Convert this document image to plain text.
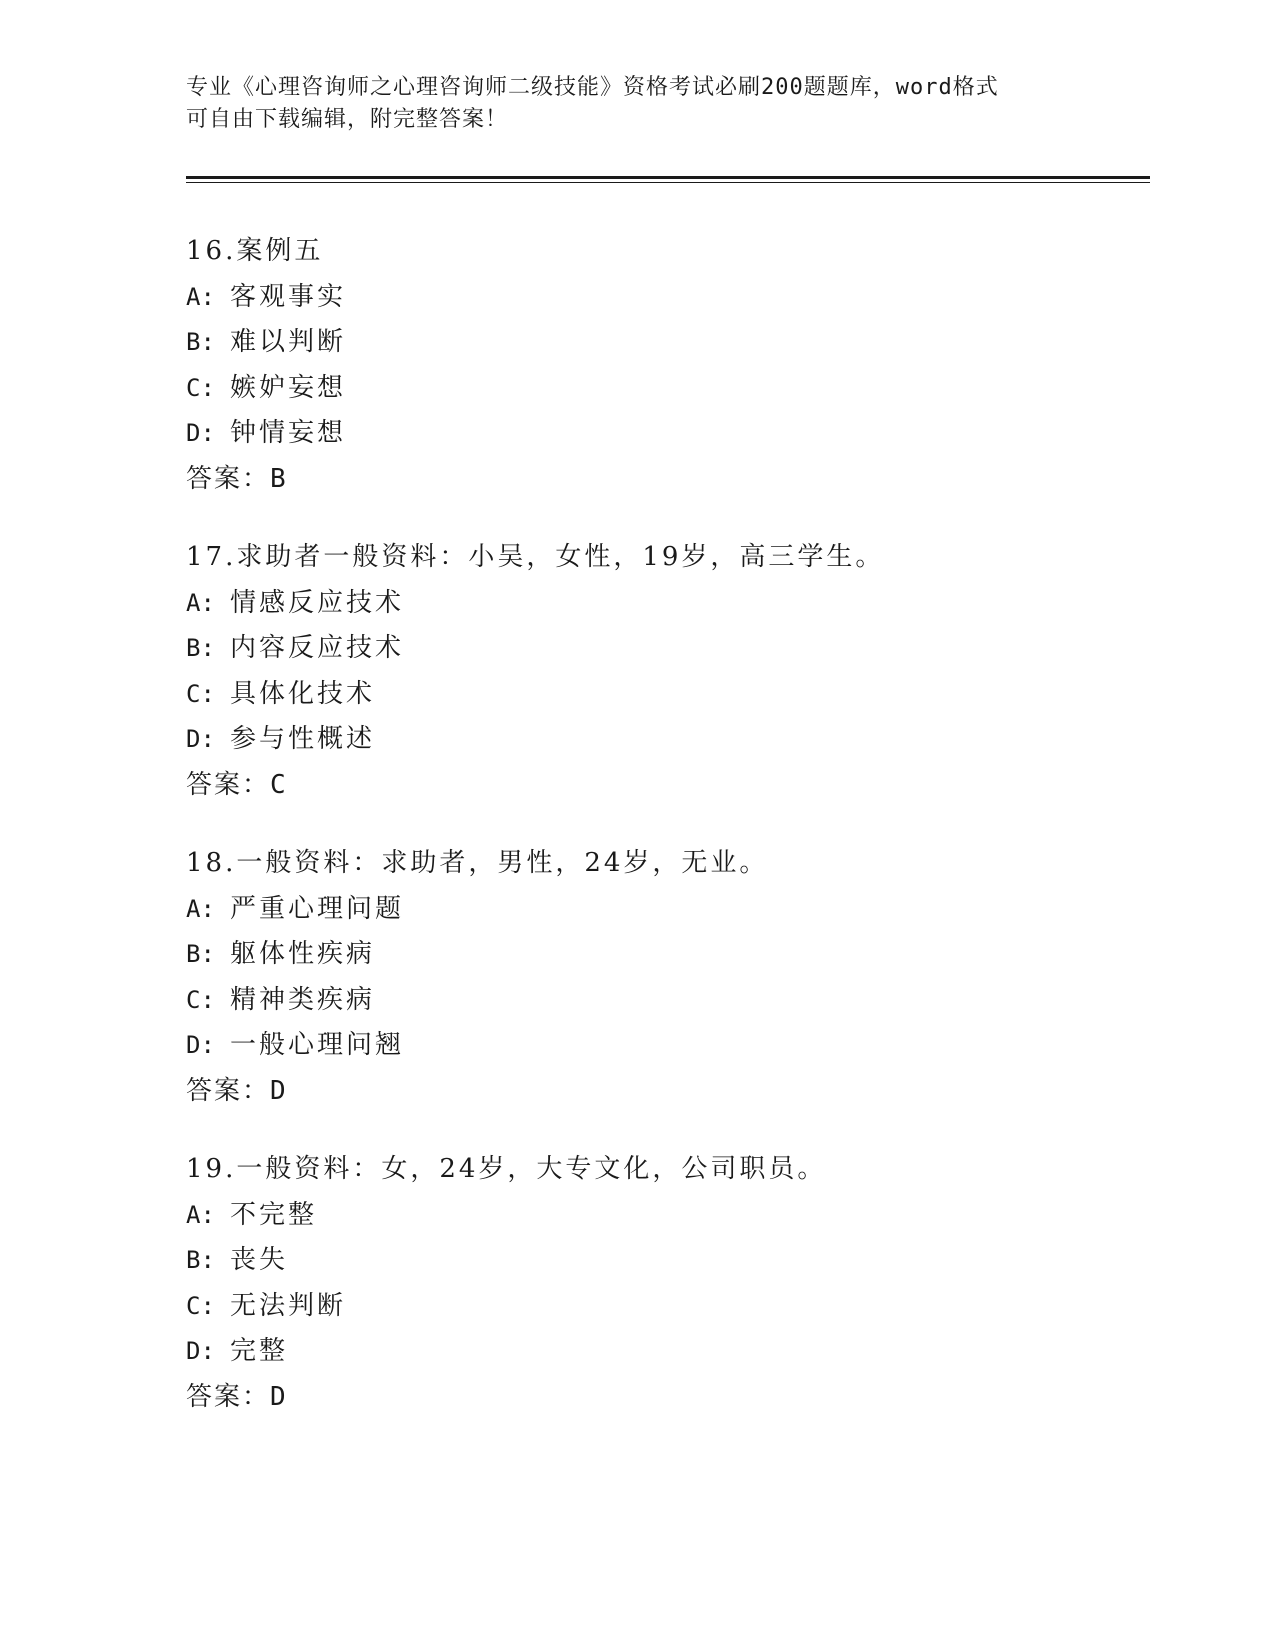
专业《心理咨询师之心理咨询师二级技能》资格考试必刷200题题库，word格式
可自由下载编辑，附完整答案！
16.案例五
A: 客观事实
B: 难以判断
C: 嫉妒妄想
D: 钟情妄想
答案：B
17.求助者一般资料：小吴，女性，19岁，高三学生。
A: 情感反应技术
B: 内容反应技术
C: 具体化技术
D: 参与性概述
答案：C
18.一般资料：求助者，男性，24岁，无业。
A: 严重心理问题
B: 躯体性疾病
C: 精神类疾病
D: 一般心理问翘
答案：D
19.一般资料：女，24岁，大专文化，公司职员。
A: 不完整
B: 丧失
C: 无法判断
D: 完整
答案：D
